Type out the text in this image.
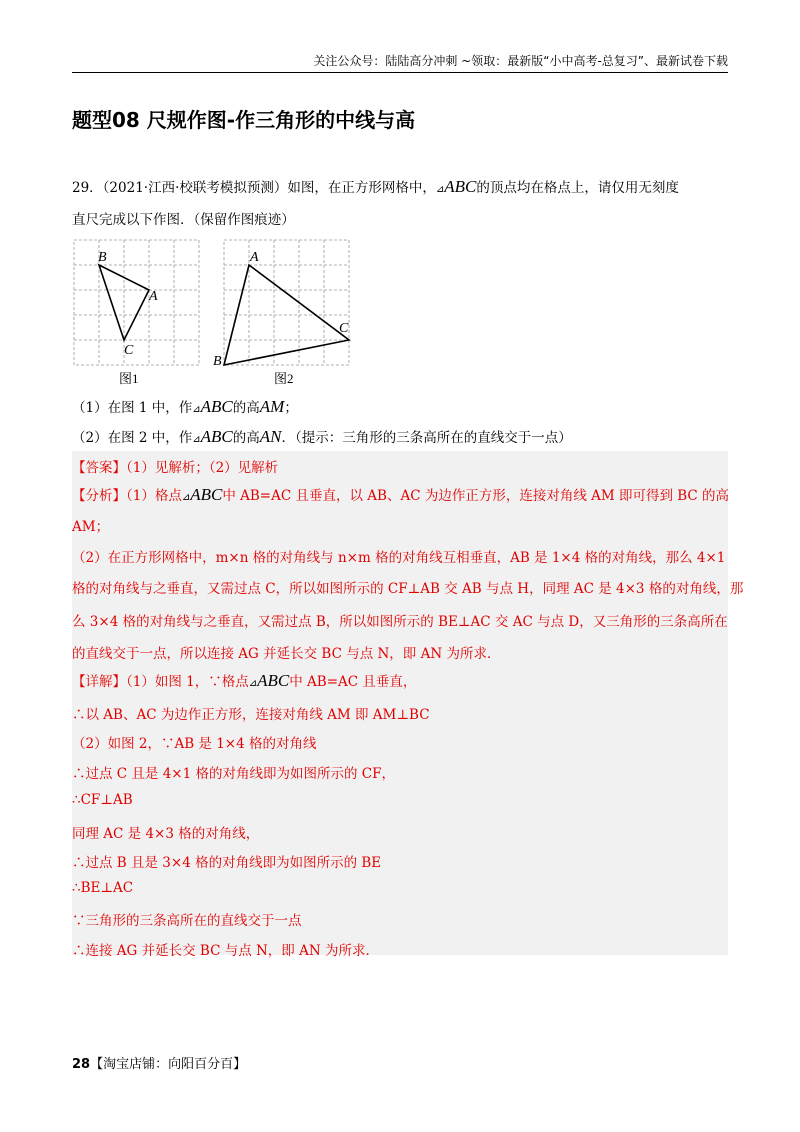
关注公众号：陆陆高分冲刺 ~领取：最新版“小中高考-总复习”、最新试卷下载
题型08 尺规作图-作三角形的中线与高
29．（2021·江西·校联考模拟预测）如图，在正方形网格中，⊿ABC的顶点均在格点上，请仅用无刻度
直尺完成以下作图．（保留作图痕迹）
B
A
C
图1
A
C
B
图2
（1）在图 1 中，作⊿ABC的高AM；
（2）在图 2 中，作⊿ABC的高AN．（提示：三角形的三条高所在的直线交于一点）
【答案】（1）见解析；（2）见解析
【分析】（1）格点⊿ABC中 AB=AC 且垂直，以 AB、AC 为边作正方形，连接对角线 AM 即可得到 BC 的高
AM；
（2）在正方形网格中，m×n 格的对角线与 n×m 格的对角线互相垂直，AB 是 1×4 格的对角线，那么 4×1
格的对角线与之垂直，又需过点 C，所以如图所示的 CF⊥AB 交 AB 与点 H，同理 AC 是 4×3 格的对角线，那
么 3×4 格的对角线与之垂直，又需过点 B，所以如图所示的 BE⊥AC 交 AC 与点 D，又三角形的三条高所在
的直线交于一点，所以连接 AG 并延长交 BC 与点 N，即 AN 为所求．
【详解】（1）如图 1，∵格点⊿ABC中 AB=AC 且垂直，
∴以 AB、AC 为边作正方形，连接对角线 AM 即 AM⊥BC
（2）如图 2，∵AB 是 1×4 格的对角线
∴过点 C 且是 4×1 格的对角线即为如图所示的 CF，
∴CF⊥AB
同理 AC 是 4×3 格的对角线，
∴过点 B 且是 3×4 格的对角线即为如图所示的 BE
∴BE⊥AC
∵三角形的三条高所在的直线交于一点
∴连接 AG 并延长交 BC 与点 N，即 AN 为所求．
28【淘宝店铺：向阳百分百】
